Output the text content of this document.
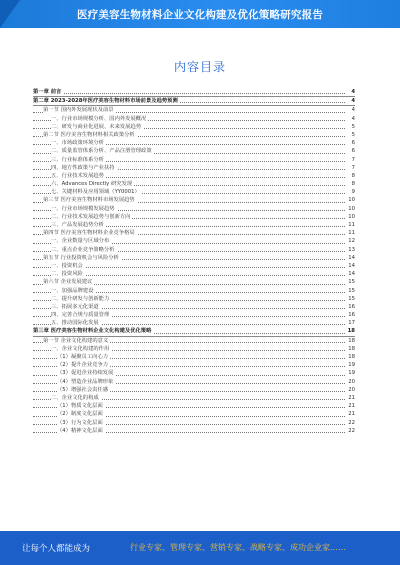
医疗美容生物材料企业文化构建及优化策略研究报告
内容目录
第一章 前言	4
第二章 2023-2028年医疗美容生物材料市场前景及趋势预测	4
第一节 国内外发展现状及前景	4
一、行业市场规模分析、国内外发展概况	4
二、研发与商业化进展、未来发展趋势	5
第二节 医疗美容生物材料相关政策分析	5
一、市场政策环境分析	6
二、质量监管体系分析、产品注册管理政策	6
三、行业标准体系分析	7
四、地方性政策与产业扶持	7
五、行业技术发展趋势	8
六、Advances Directly 研究发现	8
七、关键材料及应用领域（YY0001）	9
第三节 医疗美容生物材料市场发展趋势	10
一、行业市场规模发展趋势	10
二、行业技术发展趋势与创新方向	10
三、产品发展趋势分析	11
第四节 医疗美容生物材料企业竞争格局	11
一、企业数量与区域分布	12
二、重点企业竞争策略分析	13
第五节 行业投资机会与风险分析	14
一、投资机会	14
二、投资风险	14
第六节 企业发展建议	15
一、加强品牌建设	15
二、提升研发与创新能力	15
三、拓展多元化渠道	16
四、完善合规与质量管理	16
五、推动国际化发展	17
第三章 医疗美容生物材料企业文化构建及优化策略	18
第一节 企业文化构建的意义	18
一、企业文化构建的作用	18
（1）凝聚员工向心力	18
（2）提升企业竞争力	19
（3）促进企业持续发展	19
（4）塑造企业品牌形象	20
（5）增强社会责任感	20
二、企业文化的构成	21
（1）物质文化层面	21
（2）制度文化层面	21
（3）行为文化层面	22
（4）精神文化层面	22
让每个人都能成为	行业专家、管理专家、营销专家、战略专家、成功企业家……
